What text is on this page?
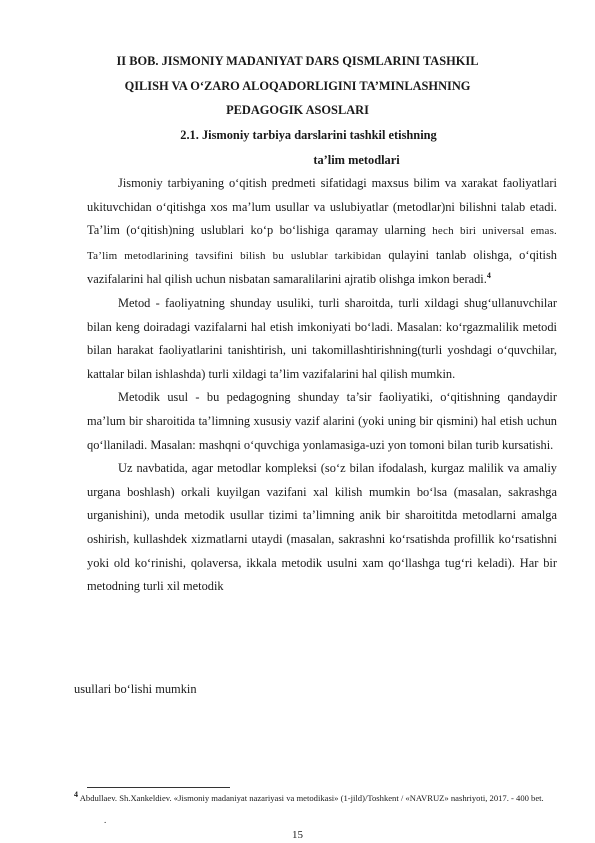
II BOB. JISMONIY MADANIYAT DARS QISMLARINI TASHKIL
QILISH VA O‘ZARO ALOQADORLIGINI TA’MINLASHNING
PEDAGOGIK ASOSLARI
2.1. Jismoniy tarbiya darslarini tashkil etishning
ta’lim metodlari

Jismoniy tarbiyaning o‘qitish predmeti sifatidagi maxsus bilim va xarakat faoliyatlari ukituvchidan o‘qitishga xos ma’lum usullar va uslubiyatlar (metodlar)ni bilishni talab etadi. Ta’lim (o‘qitish)ning uslublari ko‘p bo‘lishiga qaramay ularning hech biri universal emas. Ta’lim metodlarining tavsifini bilish bu uslublar tarkibidan qulayini tanlab olishga, o‘qitish vazifalarini hal qilish uchun nisbatan samaralilarini ajratib olishga imkon beradi.$^4$

Metod - faoliyatning shunday usuliki, turli sharoitda, turli xildagi shug‘ullanuvchilar bilan keng doiradagi vazifalarni hal etish imkoniyati bo‘ladi. Masalan: ko‘rgazmalilik metodi bilan harakat faoliyatlarini tanishtirish, uni takomillashtirishning(turli yoshdagi o‘quvchilar, kattalar bilan ishlashda) turli xildagi ta’lim vazifalarini hal qilish mumkin.

Metodik usul - bu pedagogning shunday ta’sir faoliyatiki, o‘qitishning qandaydir ma’lum bir sharoitida ta’limning xususiy vazif alarini (yoki uning bir qismini) hal etish uchun qo‘llaniladi. Masalan: mashqni o‘quvchiga yonlamasiga-uzi yon tomoni bilan turib kursatishi.

Uz navbatida, agar metodlar kompleksi (so‘z bilan ifodalash, kurgaz malilik va amaliy urgana boshlash) orkali kuyilgan vazifani xal kilish mumkin bo‘lsa (masalan, sakrashga urganishini), unda metodik usullar tizimi ta’limning anik bir sharoititda metodlarni amalga oshirish, kullashdek xizmatlarni utaydi (masalan, sakrashni ko‘rsatishda profillik ko‘rsatishni yoki old ko‘rinishi, qolaversa, ikkala metodik usulni xam qo‘llashga tug‘ri keladi). Har bir metodning turli xil metodik

usullari bo‘lishi mumkin
4 Abdullaev. Sh.Xankeldiev. «Jismoniy madaniyat nazariyasi va metodikasi» (1-jild)/Toshkent / «NAVRUZ» nashriyoti, 2017. - 400 bet.
.
15
